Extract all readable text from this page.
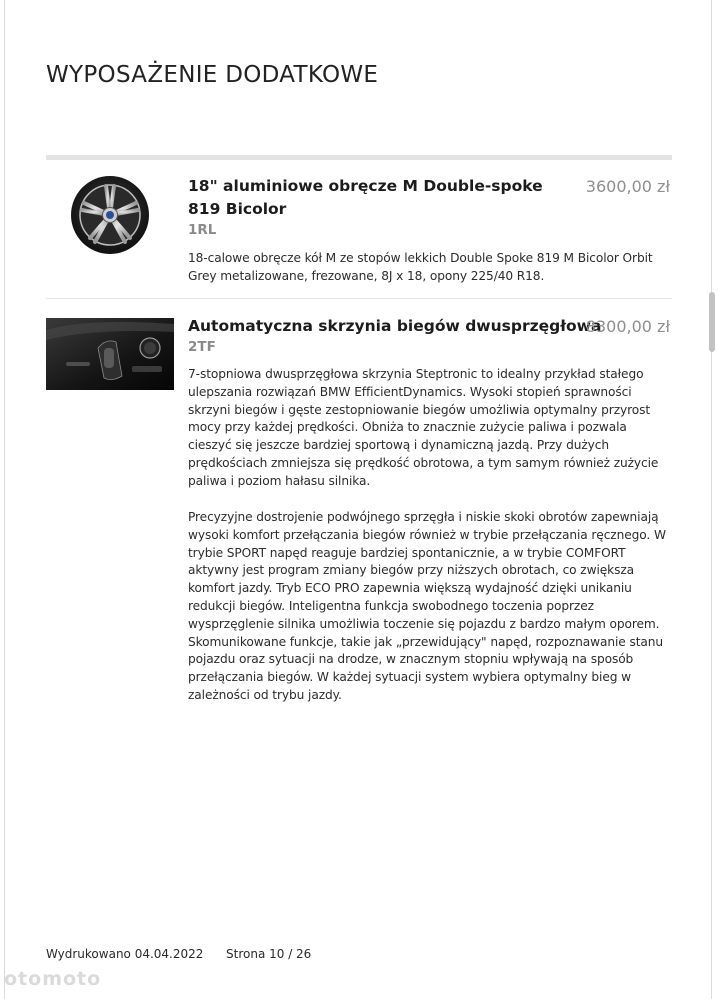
WYPOSAŻENIE DODATKOWE
18" aluminiowe obręcze M Double-spoke 819 Bicolor
1RL
3600,00 zł

18-calowe obręcze kół M ze stopów lekkich Double Spoke 819 M Bicolor Orbit Grey metalizowane, frezowane, 8J x 18, opony 225/40 R18.

Automatyczna skrzynia biegów dwusprzęgłowa
2TF
8300,00 zł

7-stopniowa dwusprzęgłowa skrzynia Steptronic to idealny przykład stałego ulepszania rozwiązań BMW EfficientDynamics. Wysoki stopień sprawności skrzyni biegów i gęste zestopniowanie biegów umożliwia optymalny przyrost mocy przy każdej prędkości. Obniża to znacznie zużycie paliwa i pozwala cieszyć się jeszcze bardziej sportową i dynamiczną jazdą. Przy dużych prędkościach zmniejsza się prędkość obrotowa, a tym samym również zużycie paliwa i poziom hałasu silnika.

Precyzyjne dostrojenie podwójnego sprzęgła i niskie skoki obrotów zapewniają wysoki komfort przełączania biegów również w trybie przełączania ręcznego. W trybie SPORT napęd reaguje bardziej spontanicznie, a w trybie COMFORT aktywny jest program zmiany biegów przy niższych obrotach, co zwiększa komfort jazdy. Tryb ECO PRO zapewnia większą wydajność dzięki unikaniu redukcji biegów. Inteligentna funkcja swobodnego toczenia poprzez wysprzęglenie silnika umożliwia toczenie się pojazdu z bardzo małym oporem. Skomunikowane funkcje, takie jak „przewidujący" napęd, rozpoznawanie stanu pojazdu oraz sytuacji na drodze, w znacznym stopniu wpływają na sposób przełączania biegów. W każdej sytuacji system wybiera optymalny bieg w zależności od trybu jazdy.

Wydrukowano 04.04.2022 Strona 10 / 26
otomoto
